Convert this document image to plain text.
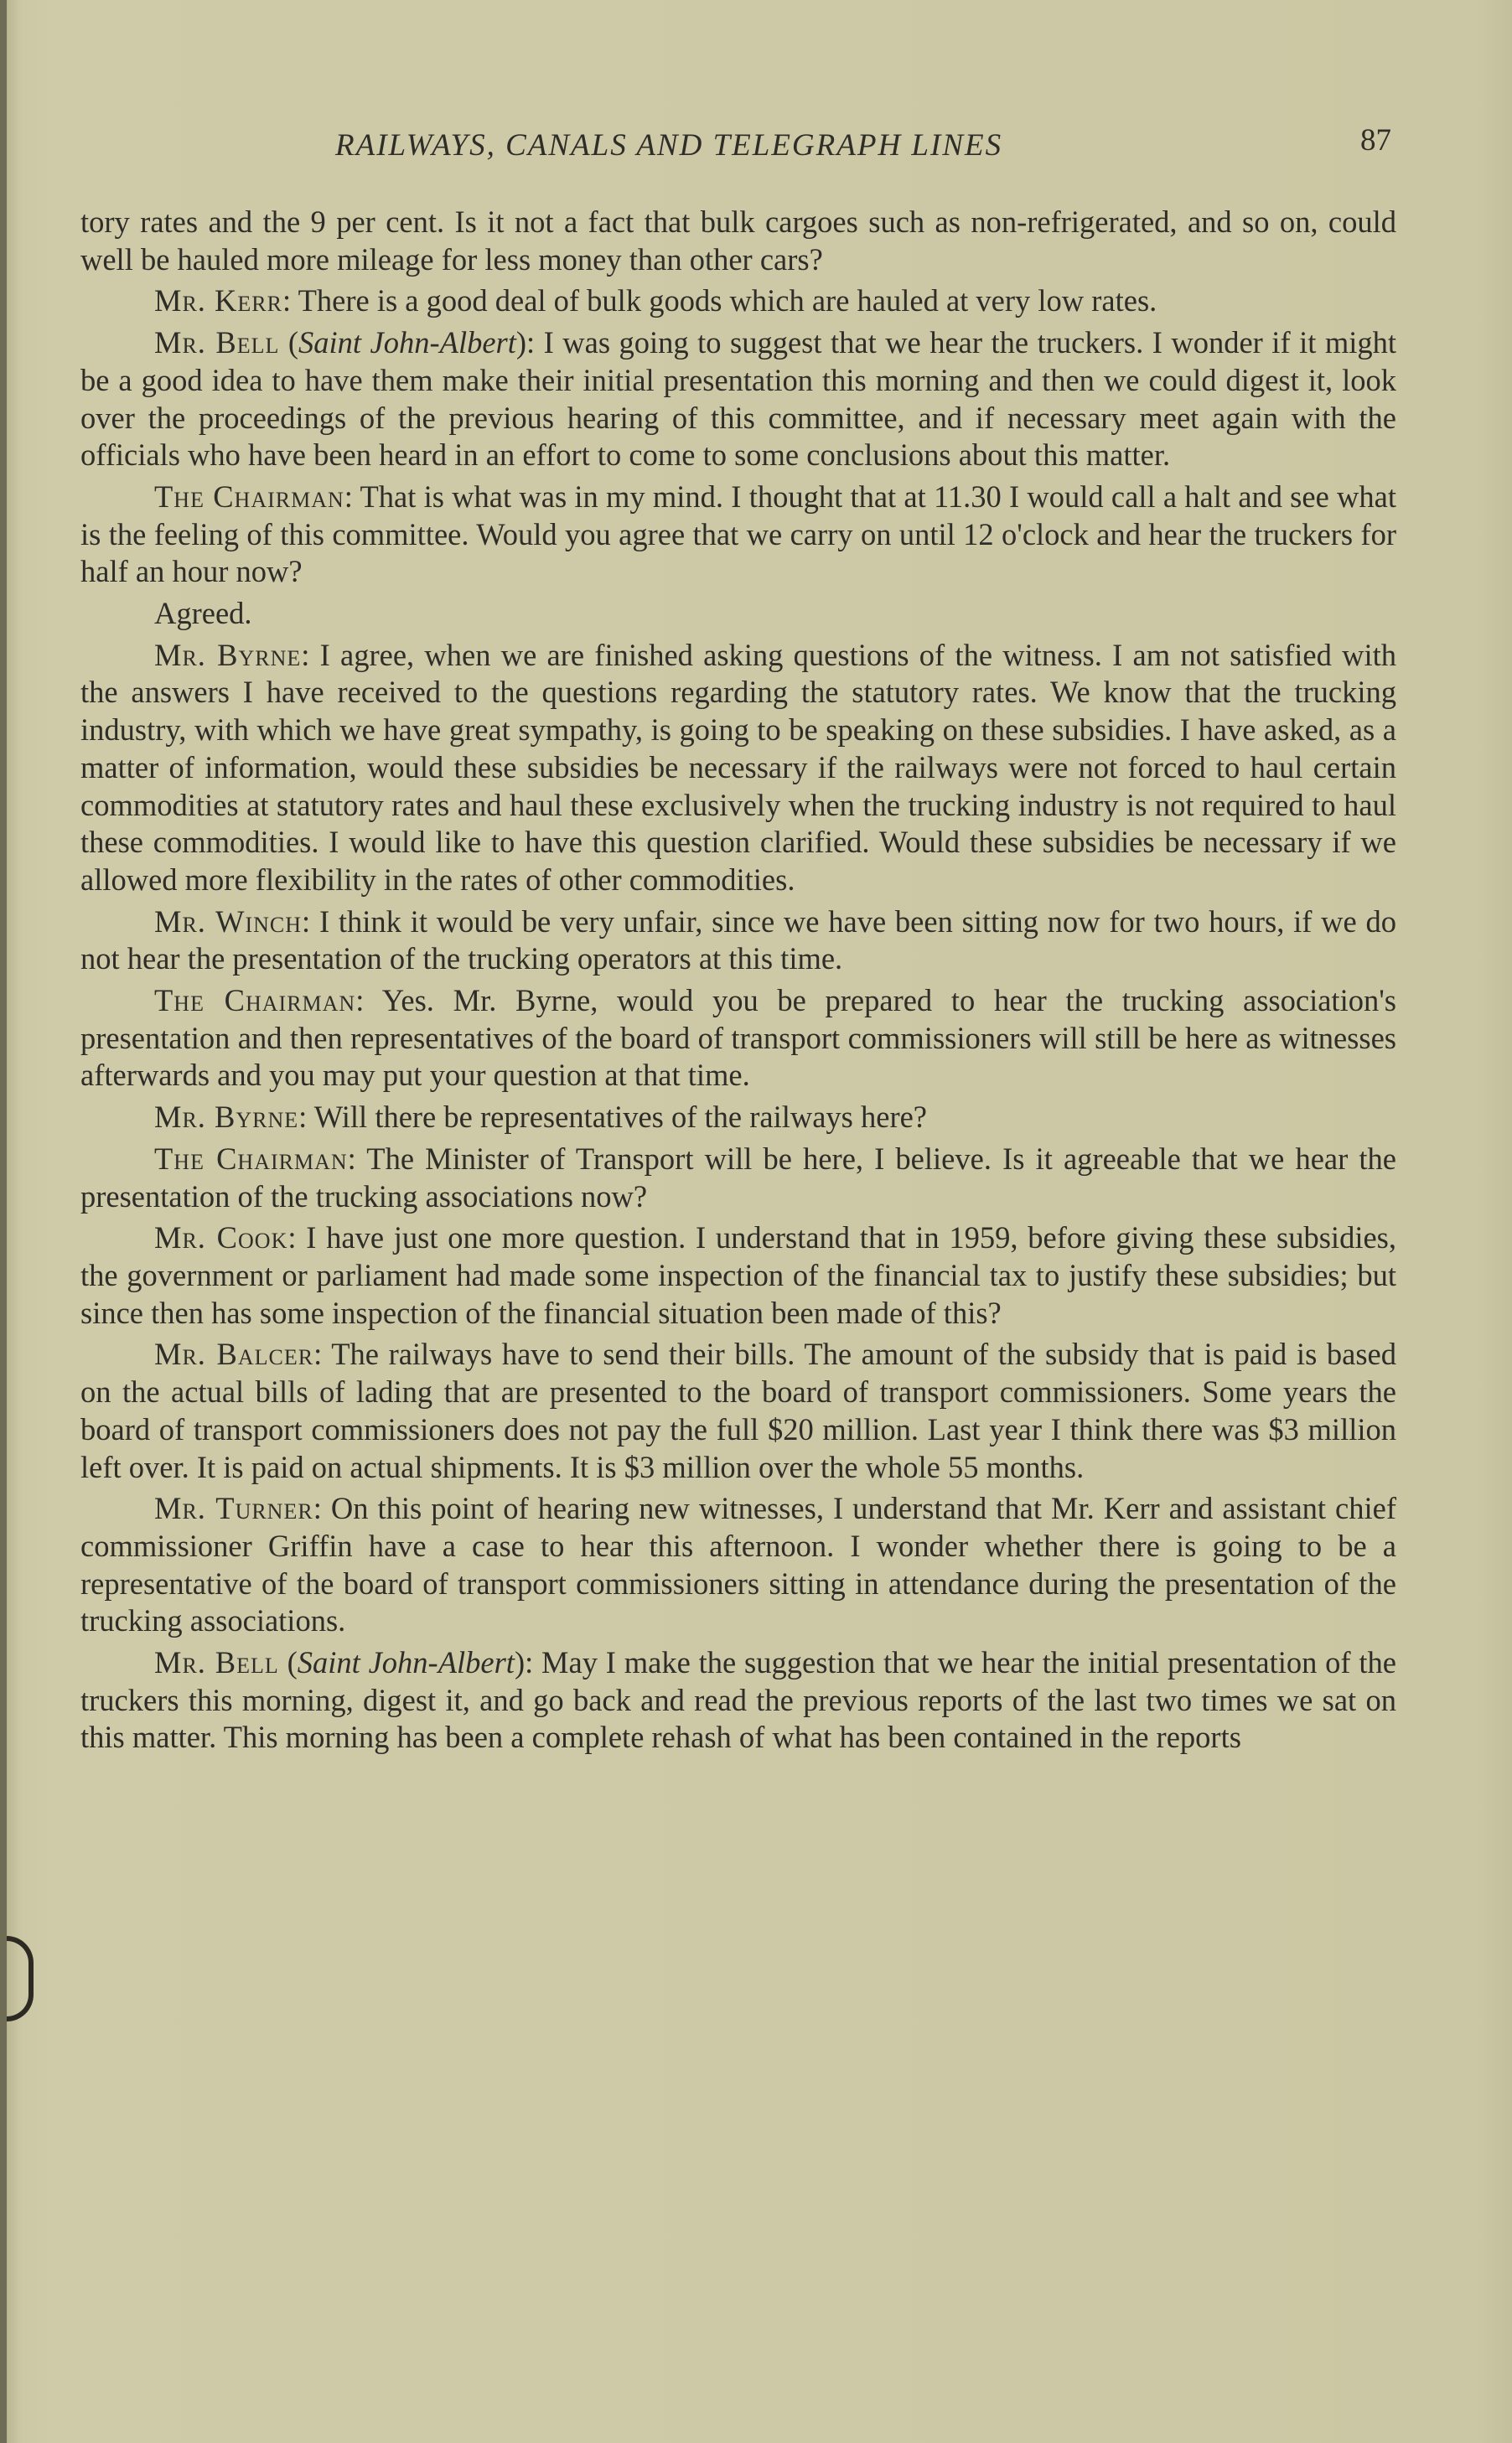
RAILWAYS, CANALS AND TELEGRAPH LINES	87

tory rates and the 9 per cent. Is it not a fact that bulk cargoes such as non-refrigerated, and so on, could well be hauled more mileage for less money than other cars?

Mr. Kerr: There is a good deal of bulk goods which are hauled at very low rates.

Mr. Bell (Saint John-Albert): I was going to suggest that we hear the truckers. I wonder if it might be a good idea to have them make their initial presentation this morning and then we could digest it, look over the proceedings of the previous hearing of this committee, and if necessary meet again with the officials who have been heard in an effort to come to some conclusions about this matter.

The Chairman: That is what was in my mind. I thought that at 11.30 I would call a halt and see what is the feeling of this committee. Would you agree that we carry on until 12 o'clock and hear the truckers for half an hour now?

Agreed.

Mr. Byrne: I agree, when we are finished asking questions of the witness. I am not satisfied with the answers I have received to the questions regarding the statutory rates. We know that the trucking industry, with which we have great sympathy, is going to be speaking on these subsidies. I have asked, as a matter of information, would these subsidies be necessary if the railways were not forced to haul certain commodities at statutory rates and haul these exclusively when the trucking industry is not required to haul these commodities. I would like to have this question clarified. Would these subsidies be necessary if we allowed more flexibility in the rates of other commodities.

Mr. Winch: I think it would be very unfair, since we have been sitting now for two hours, if we do not hear the presentation of the trucking operators at this time.

The Chairman: Yes. Mr. Byrne, would you be prepared to hear the trucking association's presentation and then representatives of the board of transport commissioners will still be here as witnesses afterwards and you may put your question at that time.

Mr. Byrne: Will there be representatives of the railways here?

The Chairman: The Minister of Transport will be here, I believe. Is it agreeable that we hear the presentation of the trucking associations now?

Mr. Cook: I have just one more question. I understand that in 1959, before giving these subsidies, the government or parliament had made some inspection of the financial tax to justify these subsidies; but since then has some inspection of the financial situation been made of this?

Mr. Balcer: The railways have to send their bills. The amount of the subsidy that is paid is based on the actual bills of lading that are presented to the board of transport commissioners. Some years the board of transport commissioners does not pay the full $20 million. Last year I think there was $3 million left over. It is paid on actual shipments. It is $3 million over the whole 55 months.

Mr. Turner: On this point of hearing new witnesses, I understand that Mr. Kerr and assistant chief commissioner Griffin have a case to hear this afternoon. I wonder whether there is going to be a representative of the board of transport commissioners sitting in attendance during the presentation of the trucking associations.

Mr. Bell (Saint John-Albert): May I make the suggestion that we hear the initial presentation of the truckers this morning, digest it, and go back and read the previous reports of the last two times we sat on this matter. This morning has been a complete rehash of what has been contained in the reports
